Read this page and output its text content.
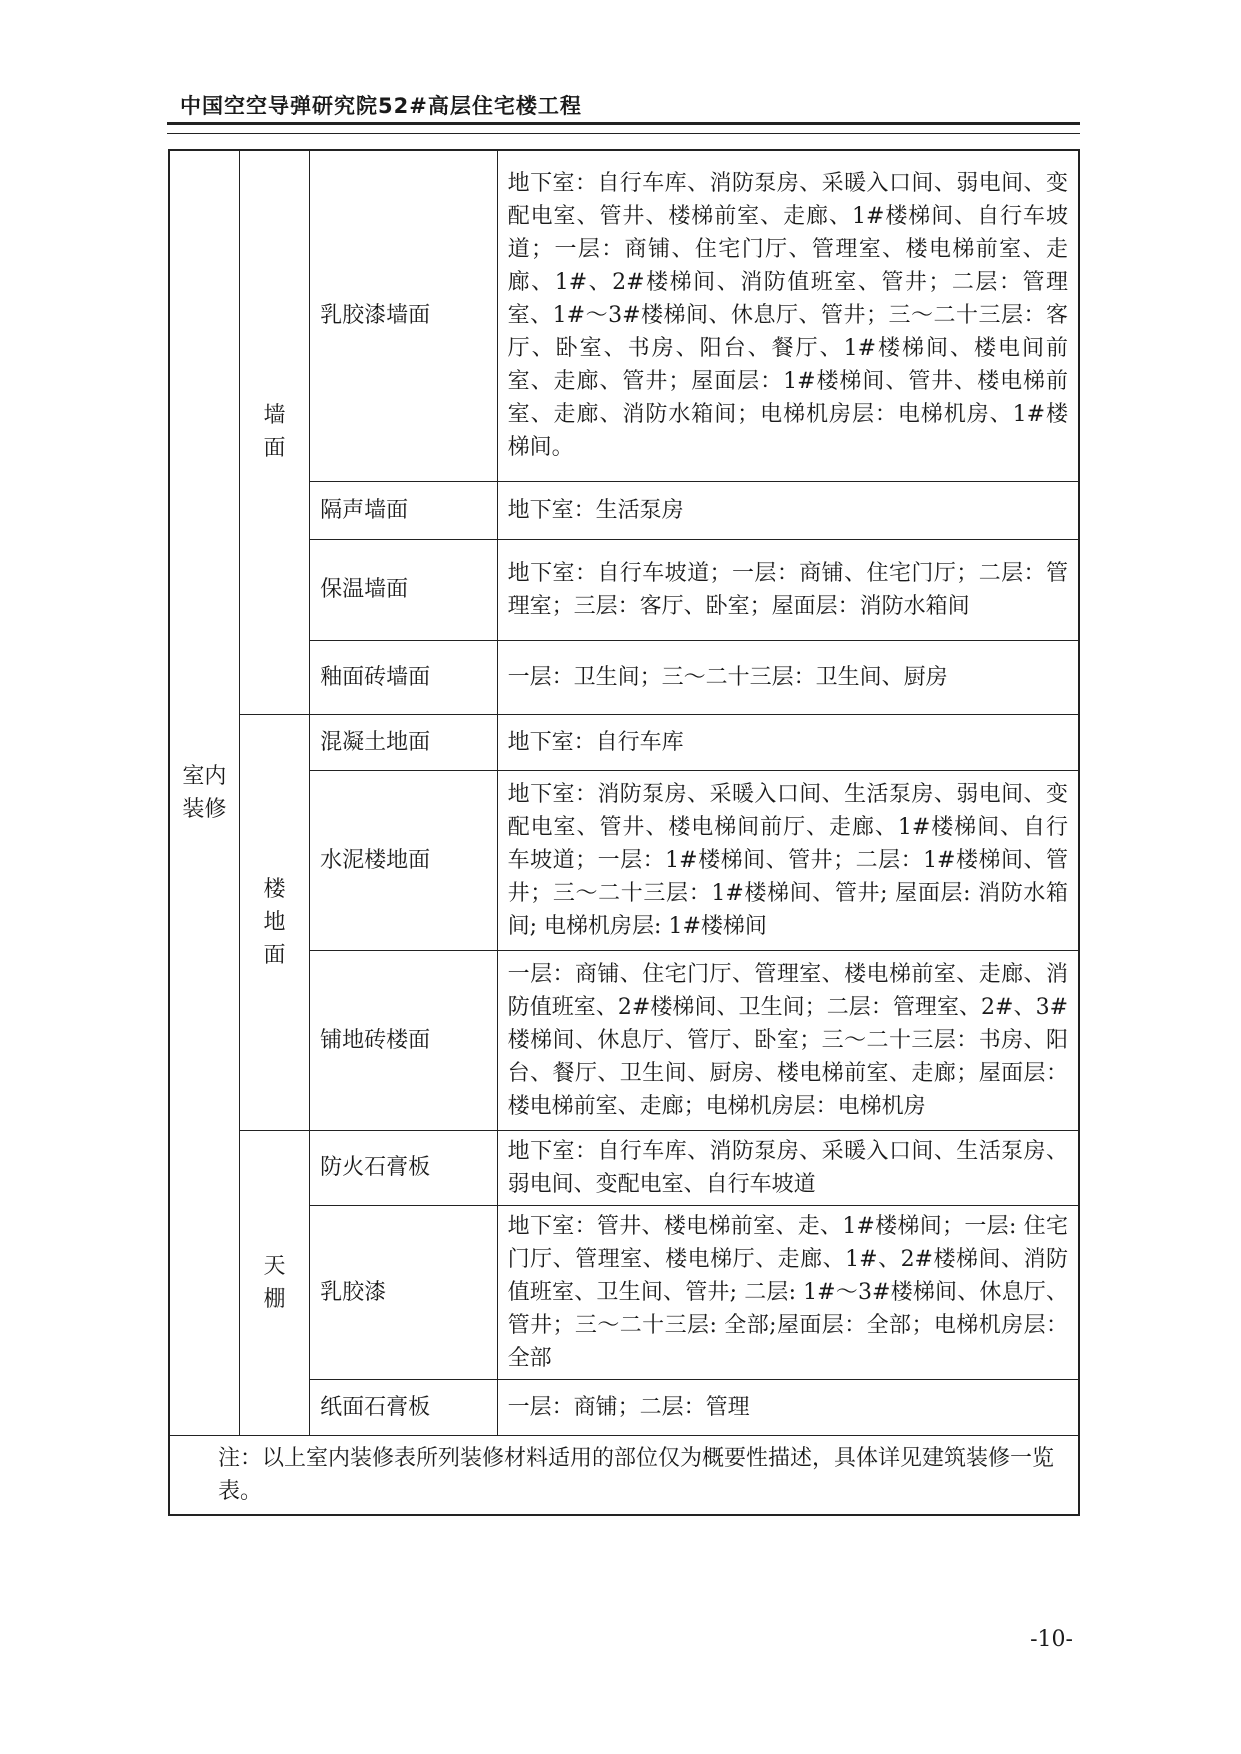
中国空空导弹研究院52#高层住宅楼工程
室内装修	墙面	乳胶漆墙面	地下室：自行车库、消防泵房、采暖入口间、弱电间、变配电室、管井、楼梯前室、走廊、1#楼梯间、自行车坡道；一层：商铺、住宅门厅、管理室、楼电梯前室、走廊、1#、2#楼梯间、消防值班室、管井；二层：管理室、1#～3#楼梯间、休息厅、管井；三～二十三层：客厅、卧室、书房、阳台、餐厅、1#楼梯间、楼电间前室、走廊、管井；屋面层：1#楼梯间、管井、楼电梯前室、走廊、消防水箱间；电梯机房层：电梯机房、1#楼梯间。
		隔声墙面	地下室：生活泵房
		保温墙面	地下室：自行车坡道；一层：商铺、住宅门厅；二层：管理室；三层：客厅、卧室；屋面层：消防水箱间
		釉面砖墙面	一层：卫生间；三～二十三层：卫生间、厨房
	楼地面	混凝土地面	地下室：自行车库
		水泥楼地面	地下室：消防泵房、采暖入口间、生活泵房、弱电间、变配电室、管井、楼电梯间前厅、走廊、1#楼梯间、自行车坡道；一层：1#楼梯间、管井；二层：1#楼梯间、管井；三～二十三层：1#楼梯间、管井; 屋面层: 消防水箱间; 电梯机房层: 1#楼梯间
		铺地砖楼面	一层：商铺、住宅门厅、管理室、楼电梯前室、走廊、消防值班室、2#楼梯间、卫生间；二层：管理室、2#、3#楼梯间、休息厅、管厅、卧室；三～二十三层：书房、阳台、餐厅、卫生间、厨房、楼电梯前室、走廊；屋面层：楼电梯前室、走廊；电梯机房层：电梯机房
	天棚	防火石膏板	地下室：自行车库、消防泵房、采暖入口间、生活泵房、弱电间、变配电室、自行车坡道
		乳胶漆	地下室：管井、楼电梯前室、走、1#楼梯间；一层: 住宅门厅、管理室、楼电梯厅、走廊、1#、2#楼梯间、消防值班室、卫生间、管井; 二层: 1#～3#楼梯间、休息厅、管井；三～二十三层: 全部;屋面层：全部；电梯机房层：全部
		纸面石膏板	一层：商铺；二层：管理
注：以上室内装修表所列装修材料适用的部位仅为概要性描述，具体详见建筑装修一览表。			
-10-
